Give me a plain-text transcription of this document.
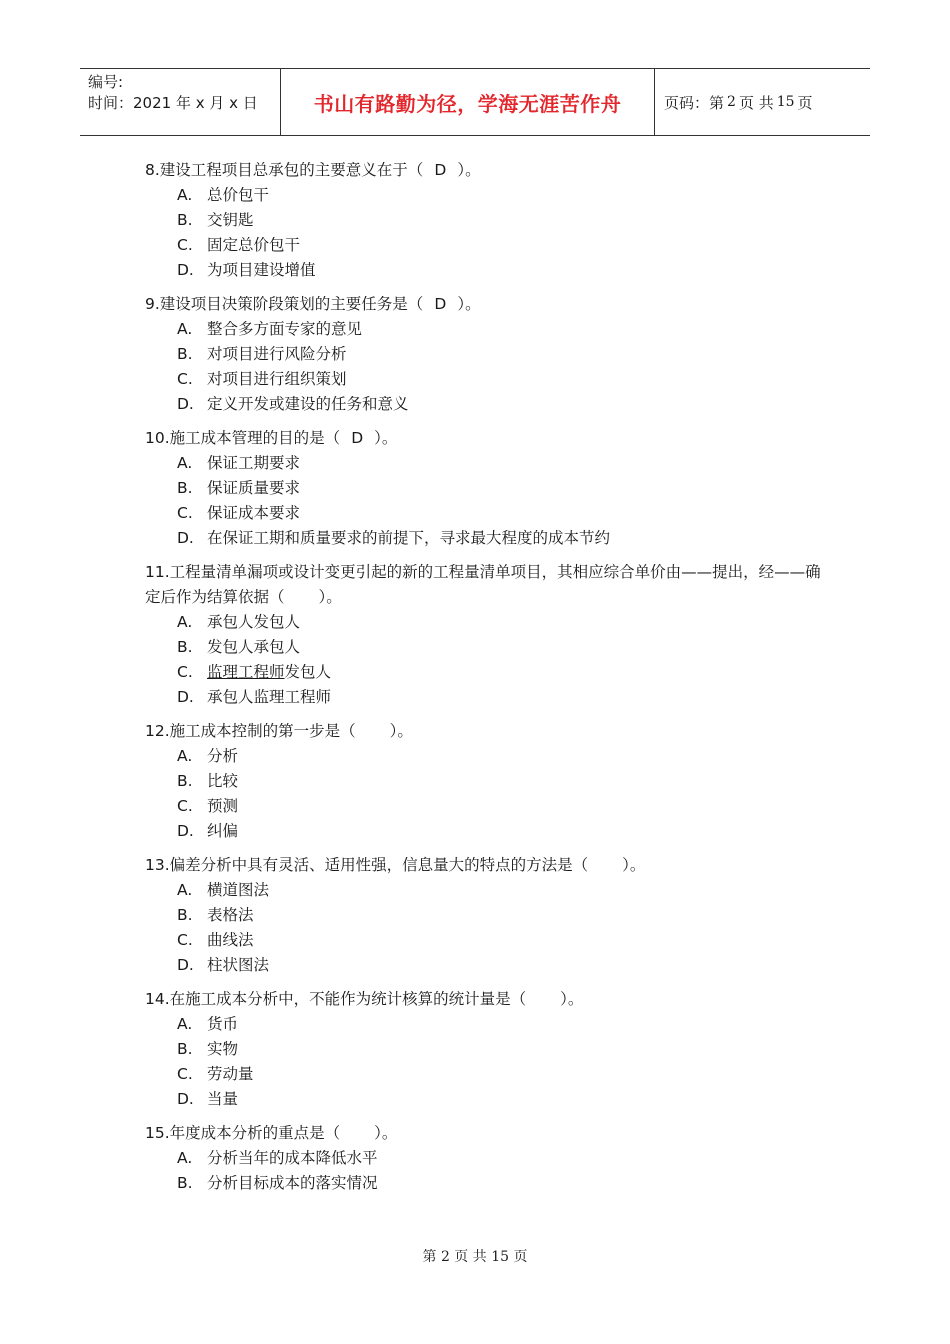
编号:
时间：2021 年 x 月 x 日	书山有路勤为径，学海无涯苦作舟	页码：第 2 页 共 15 页

8.建设工程项目总承包的主要意义在于（ D ）。

A. 总价包干
B. 交钥匙
C. 固定总价包干
D. 为项目建设增值

9.建设项目决策阶段策划的主要任务是（ D ）。

A. 整合多方面专家的意见
B. 对项目进行风险分析
C. 对项目进行组织策划
D. 定义开发或建设的任务和意义

10.施工成本管理的目的是（ D ）。

A. 保证工期要求
B. 保证质量要求
C. 保证成本要求
D. 在保证工期和质量要求的前提下，寻求最大程度的成本节约

11.工程量清单漏项或设计变更引起的新的工程量清单项目，其相应综合单价由——提出，经——确定后作为结算依据（ ）。

A. 承包人发包人
B. 发包人承包人
C. 监理工程师发包人
D. 承包人监理工程师

12.施工成本控制的第一步是（ ）。

A. 分析
B. 比较
C. 预测
D. 纠偏

13.偏差分析中具有灵活、适用性强，信息量大的特点的方法是（ ）。

A. 横道图法
B. 表格法
C. 曲线法
D. 柱状图法

14.在施工成本分析中，不能作为统计核算的统计量是（ ）。

A. 货币
B. 实物
C. 劳动量
D. 当量

15.年度成本分析的重点是（ ）。

A. 分析当年的成本降低水平
B. 分析目标成本的落实情况
第 2 页 共 15 页
